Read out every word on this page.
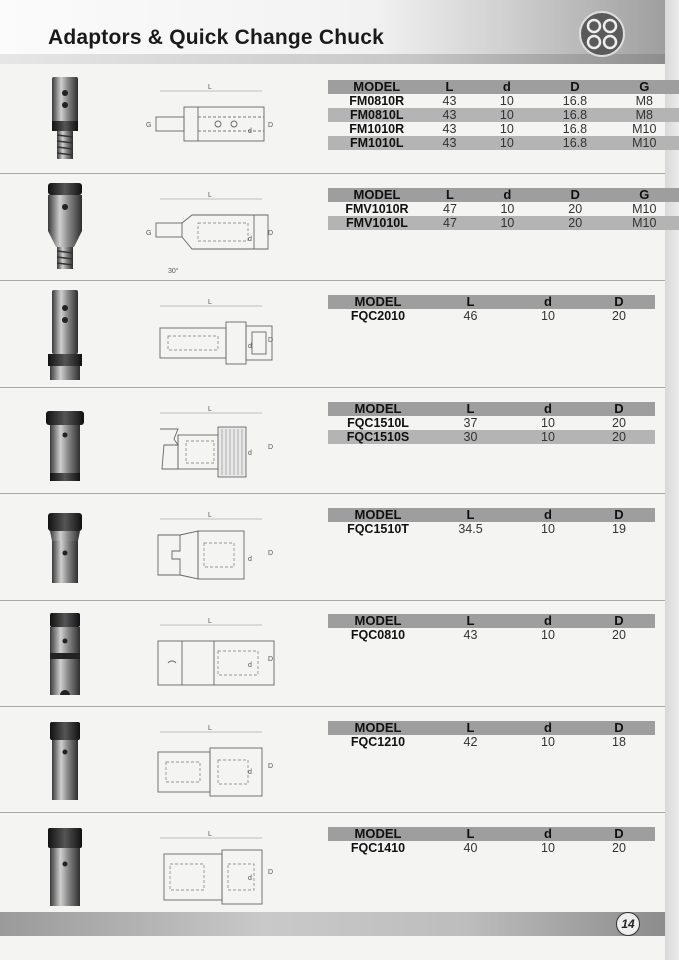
Adaptors & Quick Change Chuck
L
G
d
D
MODEL	L	d	D	G
FM0810R	43	10	16.8	M8
FM0810L	43	10	16.8	M8
FM1010R	43	10	16.8	M10
FM1010L	43	10	16.8	M10
L
G
d
D
30°
MODEL	L	d	D	G
FMV1010R	47	10	20	M10
FMV1010L	47	10	20	M10
L
d
D
MODEL	L	d	D
FQC2010	46	10	20
L
d
D
MODEL	L	d	D
FQC1510L	37	10	20
FQC1510S	30	10	20
L
d
D
MODEL	L	d	D
FQC1510T	34.5	10	19
L
d
D
MODEL	L	d	D
FQC0810	43	10	20
L
d
D
MODEL	L	d	D
FQC1210	42	10	18
L
d
D
MODEL	L	d	D
FQC1410	40	10	20
14
